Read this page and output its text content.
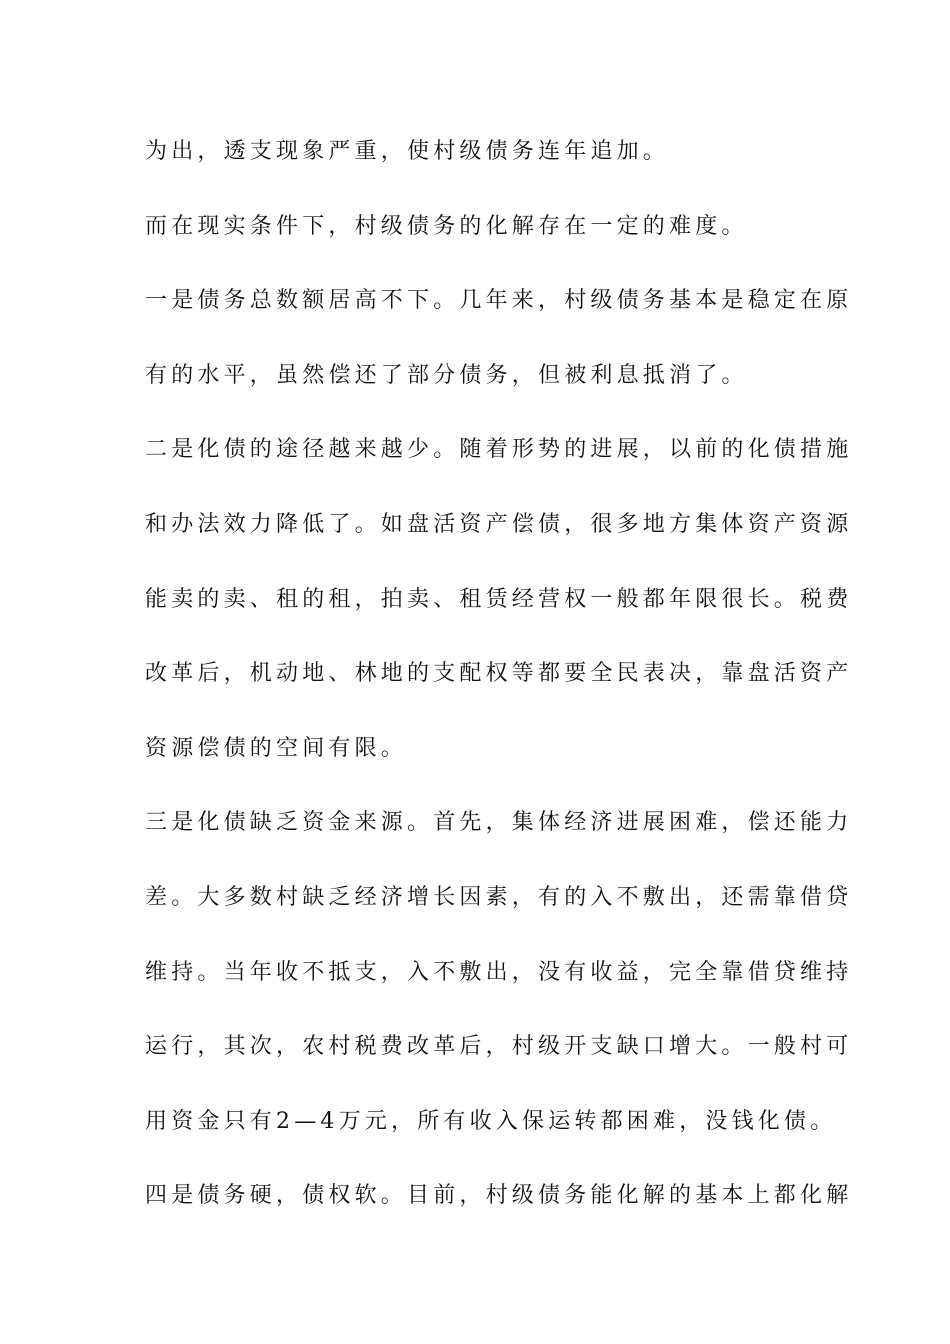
为出，透支现象严重，使村级债务连年追加。
而在现实条件下，村级债务的化解存在一定的难度。
一是债务总数额居高不下。几年来，村级债务基本是稳定在原
有的水平，虽然偿还了部分债务，但被利息抵消了。
二是化债的途径越来越少。随着形势的进展，以前的化债措施
和办法效力降低了。如盘活资产偿债，很多地方集体资产资源
能卖的卖、租的租，拍卖、租赁经营权一般都年限很长。税费
改革后，机动地、林地的支配权等都要全民表决，靠盘活资产
资源偿债的空间有限。
三是化债缺乏资金来源。首先，集体经济进展困难，偿还能力
差。大多数村缺乏经济增长因素，有的入不敷出，还需靠借贷
维持。当年收不抵支，入不敷出，没有收益，完全靠借贷维持
运行，其次，农村税费改革后，村级开支缺口增大。一般村可
用资金只有2—4万元，所有收入保运转都困难，没钱化债。
四是债务硬，债权软。目前，村级债务能化解的基本上都化解
